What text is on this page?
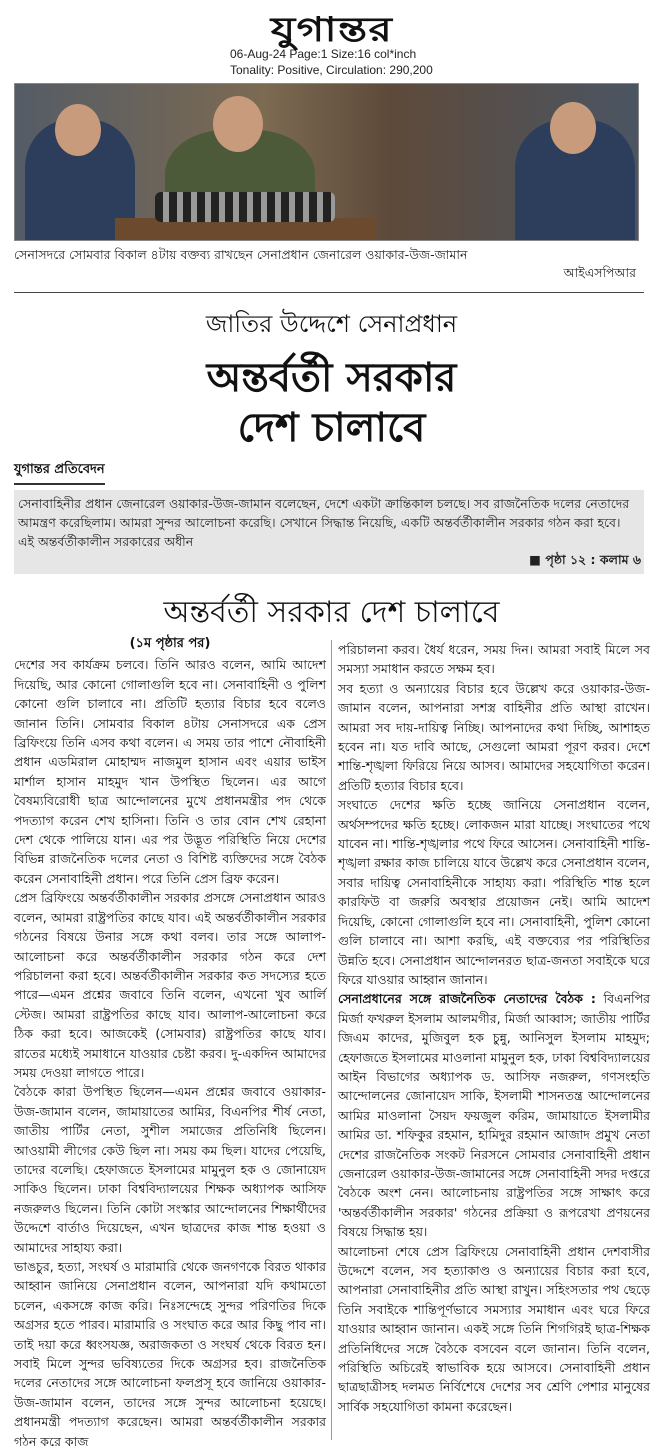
যুগান্তর
06-Aug-24 Page:1 Size:16 col*inch
Tonality: Positive, Circulation: 290,200
সেনাসদরে সোমবার বিকাল ৪টায় বক্তব্য রাখছেন সেনাপ্রধান জেনারেল ওয়াকার-উজ-জামান
আইএসপিআর
জাতির উদ্দেশে সেনাপ্রধান
অন্তর্বর্তী সরকার
দেশ চালাবে
যুগান্তর প্রতিবেদন
সেনাবাহিনীর প্রধান জেনারেল ওয়াকার-উজ-জামান বলেছেন, দেশে একটা ক্রান্তিকাল চলছে। সব রাজনৈতিক দলের নেতাদের আমন্ত্রণ করেছিলাম। আমরা সুন্দর আলোচনা করেছি। সেখানে সিদ্ধান্ত নিয়েছি, একটি অন্তর্বর্তীকালীন সরকার গঠন করা হবে। এই অন্তর্বর্তীকালীন সরকারের অধীন
■ পৃষ্ঠা ১২ : কলাম ৬
অন্তর্বর্তী সরকার দেশ চালাবে
(১ম পৃষ্ঠার পর)

দেশের সব কার্যক্রম চলবে। তিনি আরও বলেন, আমি আদেশ দিয়েছি, আর কোনো গোলাগুলি হবে না। সেনাবাহিনী ও পুলিশ কোনো গুলি চালাবে না। প্রতিটি হত্যার বিচার হবে বলেও জানান তিনি। সোমবার বিকাল ৪টায় সেনাসদরে এক প্রেস ব্রিফিংয়ে তিনি এসব কথা বলেন। এ সময় তার পাশে নৌবাহিনী প্রধান এডমিরাল মোহাম্মদ নাজমুল হাসান এবং এয়ার ভাইস মার্শাল হাসান মাহমুদ খান উপস্থিত ছিলেন। এর আগে বৈষম্যবিরোধী ছাত্র আন্দোলনের মুখে প্রধানমন্ত্রীর পদ থেকে পদত্যাগ করেন শেখ হাসিনা। তিনি ও তার বোন শেখ রেহানা দেশ থেকে পালিয়ে যান। এর পর উদ্ভূত পরিস্থিতি নিয়ে দেশের বিভিন্ন রাজনৈতিক দলের নেতা ও বিশিষ্ট ব্যক্তিদের সঙ্গে বৈঠক করেন সেনাবাহিনী প্রধান। পরে তিনি প্রেস ব্রিফ করেন।

প্রেস ব্রিফিংয়ে অন্তর্বর্তীকালীন সরকার প্রসঙ্গে সেনাপ্রধান আরও বলেন, আমরা রাষ্ট্রপতির কাছে যাব। এই অন্তর্বর্তীকালীন সরকার গঠনের বিষয়ে উনার সঙ্গে কথা বলব। তার সঙ্গে আলাপ-আলোচনা করে অন্তর্বর্তীকালীন সরকার গঠন করে দেশ পরিচালনা করা হবে। অন্তর্বর্তীকালীন সরকার কত সদস্যের হতে পারে—এমন প্রশ্নের জবাবে তিনি বলেন, এখনো খুব আর্লি স্টেজ। আমরা রাষ্ট্রপতির কাছে যাব। আলাপ-আলোচনা করে ঠিক করা হবে। আজকেই (সোমবার) রাষ্ট্রপতির কাছে যাব। রাতের মধ্যেই সমাধানে যাওয়ার চেষ্টা করব। দু-একদিন আমাদের সময় দেওয়া লাগতে পারে।

বৈঠকে কারা উপস্থিত ছিলেন—এমন প্রশ্নের জবাবে ওয়াকার-উজ-জামান বলেন, জামায়াতের আমির, বিএনপির শীর্ষ নেতা, জাতীয় পার্টির নেতা, সুশীল সমাজের প্রতিনিধি ছিলেন। আওয়ামী লীগের কেউ ছিল না। সময় কম ছিল। যাদের পেয়েছি, তাদের বলেছি। হেফাজতে ইসলামের মামুনুল হক ও জোনায়েদ সাকিও ছিলেন। ঢাকা বিশ্ববিদ্যালয়ের শিক্ষক অধ্যাপক আসিফ নজরুলও ছিলেন। তিনি কোটা সংস্কার আন্দোলনের শিক্ষার্থীদের উদ্দেশে বার্তাও দিয়েছেন, এখন ছাত্রদের কাজ শান্ত হওয়া ও আমাদের সাহায্য করা।

ভাঙচুর, হত্যা, সংঘর্ষ ও মারামারি থেকে জনগণকে বিরত থাকার আহ্বান জানিয়ে সেনাপ্রধান বলেন, আপনারা যদি কথামতো চলেন, একসঙ্গে কাজ করি। নিঃসন্দেহে সুন্দর পরিণতির দিকে অগ্রসর হতে পারব। মারামারি ও সংঘাত করে আর কিছু পাব না। তাই দয়া করে ধ্বংসযজ্ঞ, অরাজকতা ও সংঘর্ষ থেকে বিরত হন। সবাই মিলে সুন্দর ভবিষ্যতের দিকে অগ্রসর হব। রাজনৈতিক দলের নেতাদের সঙ্গে আলোচনা ফলপ্রসূ হবে জানিয়ে ওয়াকার-উজ-জামান বলেন, তাদের সঙ্গে সুন্দর আলোচনা হয়েছে। প্রধানমন্ত্রী পদত্যাগ করেছেন। আমরা অন্তর্বর্তীকালীন সরকার গঠন করে কাজ

পরিচালনা করব। ধৈর্য ধরেন, সময় দিন। আমরা সবাই মিলে সব সমস্যা সমাধান করতে সক্ষম হব।

সব হত্যা ও অন্যায়ের বিচার হবে উল্লেখ করে ওয়াকার-উজ-জামান বলেন, আপনারা সশস্ত্র বাহিনীর প্রতি আস্থা রাখেন। আমরা সব দায়-দায়িত্ব নিচ্ছি। আপনাদের কথা দিচ্ছি, আশাহত হবেন না। যত দাবি আছে, সেগুলো আমরা পূরণ করব। দেশে শান্তি-শৃঙ্খলা ফিরিয়ে নিয়ে আসব। আমাদের সহযোগিতা করেন। প্রতিটি হত্যার বিচার হবে।

সংঘাতে দেশের ক্ষতি হচ্ছে জানিয়ে সেনাপ্রধান বলেন, অর্থসম্পদের ক্ষতি হচ্ছে। লোকজন মারা যাচ্ছে। সংঘাতের পথে যাবেন না। শান্তি-শৃঙ্খলার পথে ফিরে আসেন। সেনাবাহিনী শান্তি-শৃঙ্খলা রক্ষার কাজ চালিয়ে যাবে উল্লেখ করে সেনাপ্রধান বলেন, সবার দায়িত্ব সেনাবাহিনীকে সাহায্য করা। পরিস্থিতি শান্ত হলে কারফিউ বা জরুরি অবস্থার প্রয়োজন নেই। আমি আদেশ দিয়েছি, কোনো গোলাগুলি হবে না। সেনাবাহিনী, পুলিশ কোনো গুলি চালাবে না। আশা করছি, এই বক্তব্যের পর পরিস্থিতির উন্নতি হবে। সেনাপ্রধান আন্দোলনরত ছাত্র-জনতা সবাইকে ঘরে ফিরে যাওয়ার আহ্বান জানান।

সেনাপ্রধানের সঙ্গে রাজনৈতিক নেতাদের বৈঠক : বিএনপির মির্জা ফখরুল ইসলাম আলমগীর, মির্জা আব্বাস; জাতীয় পার্টির জিএম কাদের, মুজিবুল হক চুন্নু, আনিসুল ইসলাম মাহমুদ; হেফাজতে ইসলামের মাওলানা মামুনুল হক, ঢাকা বিশ্ববিদ্যালয়ের আইন বিভাগের অধ্যাপক ড. আসিফ নজরুল, গণসংহতি আন্দোলনের জোনায়েদ সাকি, ইসলামী শাসনতন্ত্র আন্দোলনের আমির মাওলানা সৈয়দ ফয়জুল করিম, জামায়াতে ইসলামীর আমির ডা. শফিকুর রহমান, হামিদুর রহমান আজাদ প্রমুখ নেতা দেশের রাজনৈতিক সংকট নিরসনে সোমবার সেনাবাহিনী প্রধান জেনারেল ওয়াকার-উজ-জামানের সঙ্গে সেনাবাহিনী সদর দপ্তরে বৈঠকে অংশ নেন। আলোচনায় রাষ্ট্রপতির সঙ্গে সাক্ষাৎ করে 'অন্তর্বর্তীকালীন সরকার' গঠনের প্রক্রিয়া ও রূপরেখা প্রণয়নের বিষয়ে সিদ্ধান্ত হয়।

আলোচনা শেষে প্রেস ব্রিফিংয়ে সেনাবাহিনী প্রধান দেশবাসীর উদ্দেশে বলেন, সব হত্যাকাণ্ড ও অন্যায়ের বিচার করা হবে, আপনারা সেনাবাহিনীর প্রতি আস্থা রাখুন। সহিংসতার পথ ছেড়ে তিনি সবাইকে শান্তিপূর্ণভাবে সমস্যার সমাধান এবং ঘরে ফিরে যাওয়ার আহ্বান জানান। একই সঙ্গে তিনি শিগগিরই ছাত্র-শিক্ষক প্রতিনিধিদের সঙ্গে বৈঠকে বসবেন বলে জানান। তিনি বলেন, পরিস্থিতি অচিরেই স্বাভাবিক হয়ে আসবে। সেনাবাহিনী প্রধান ছাত্রছাত্রীসহ দলমত নির্বিশেষে দেশের সব শ্রেণি পেশার মানুষের সার্বিক সহযোগিতা কামনা করেছেন।
